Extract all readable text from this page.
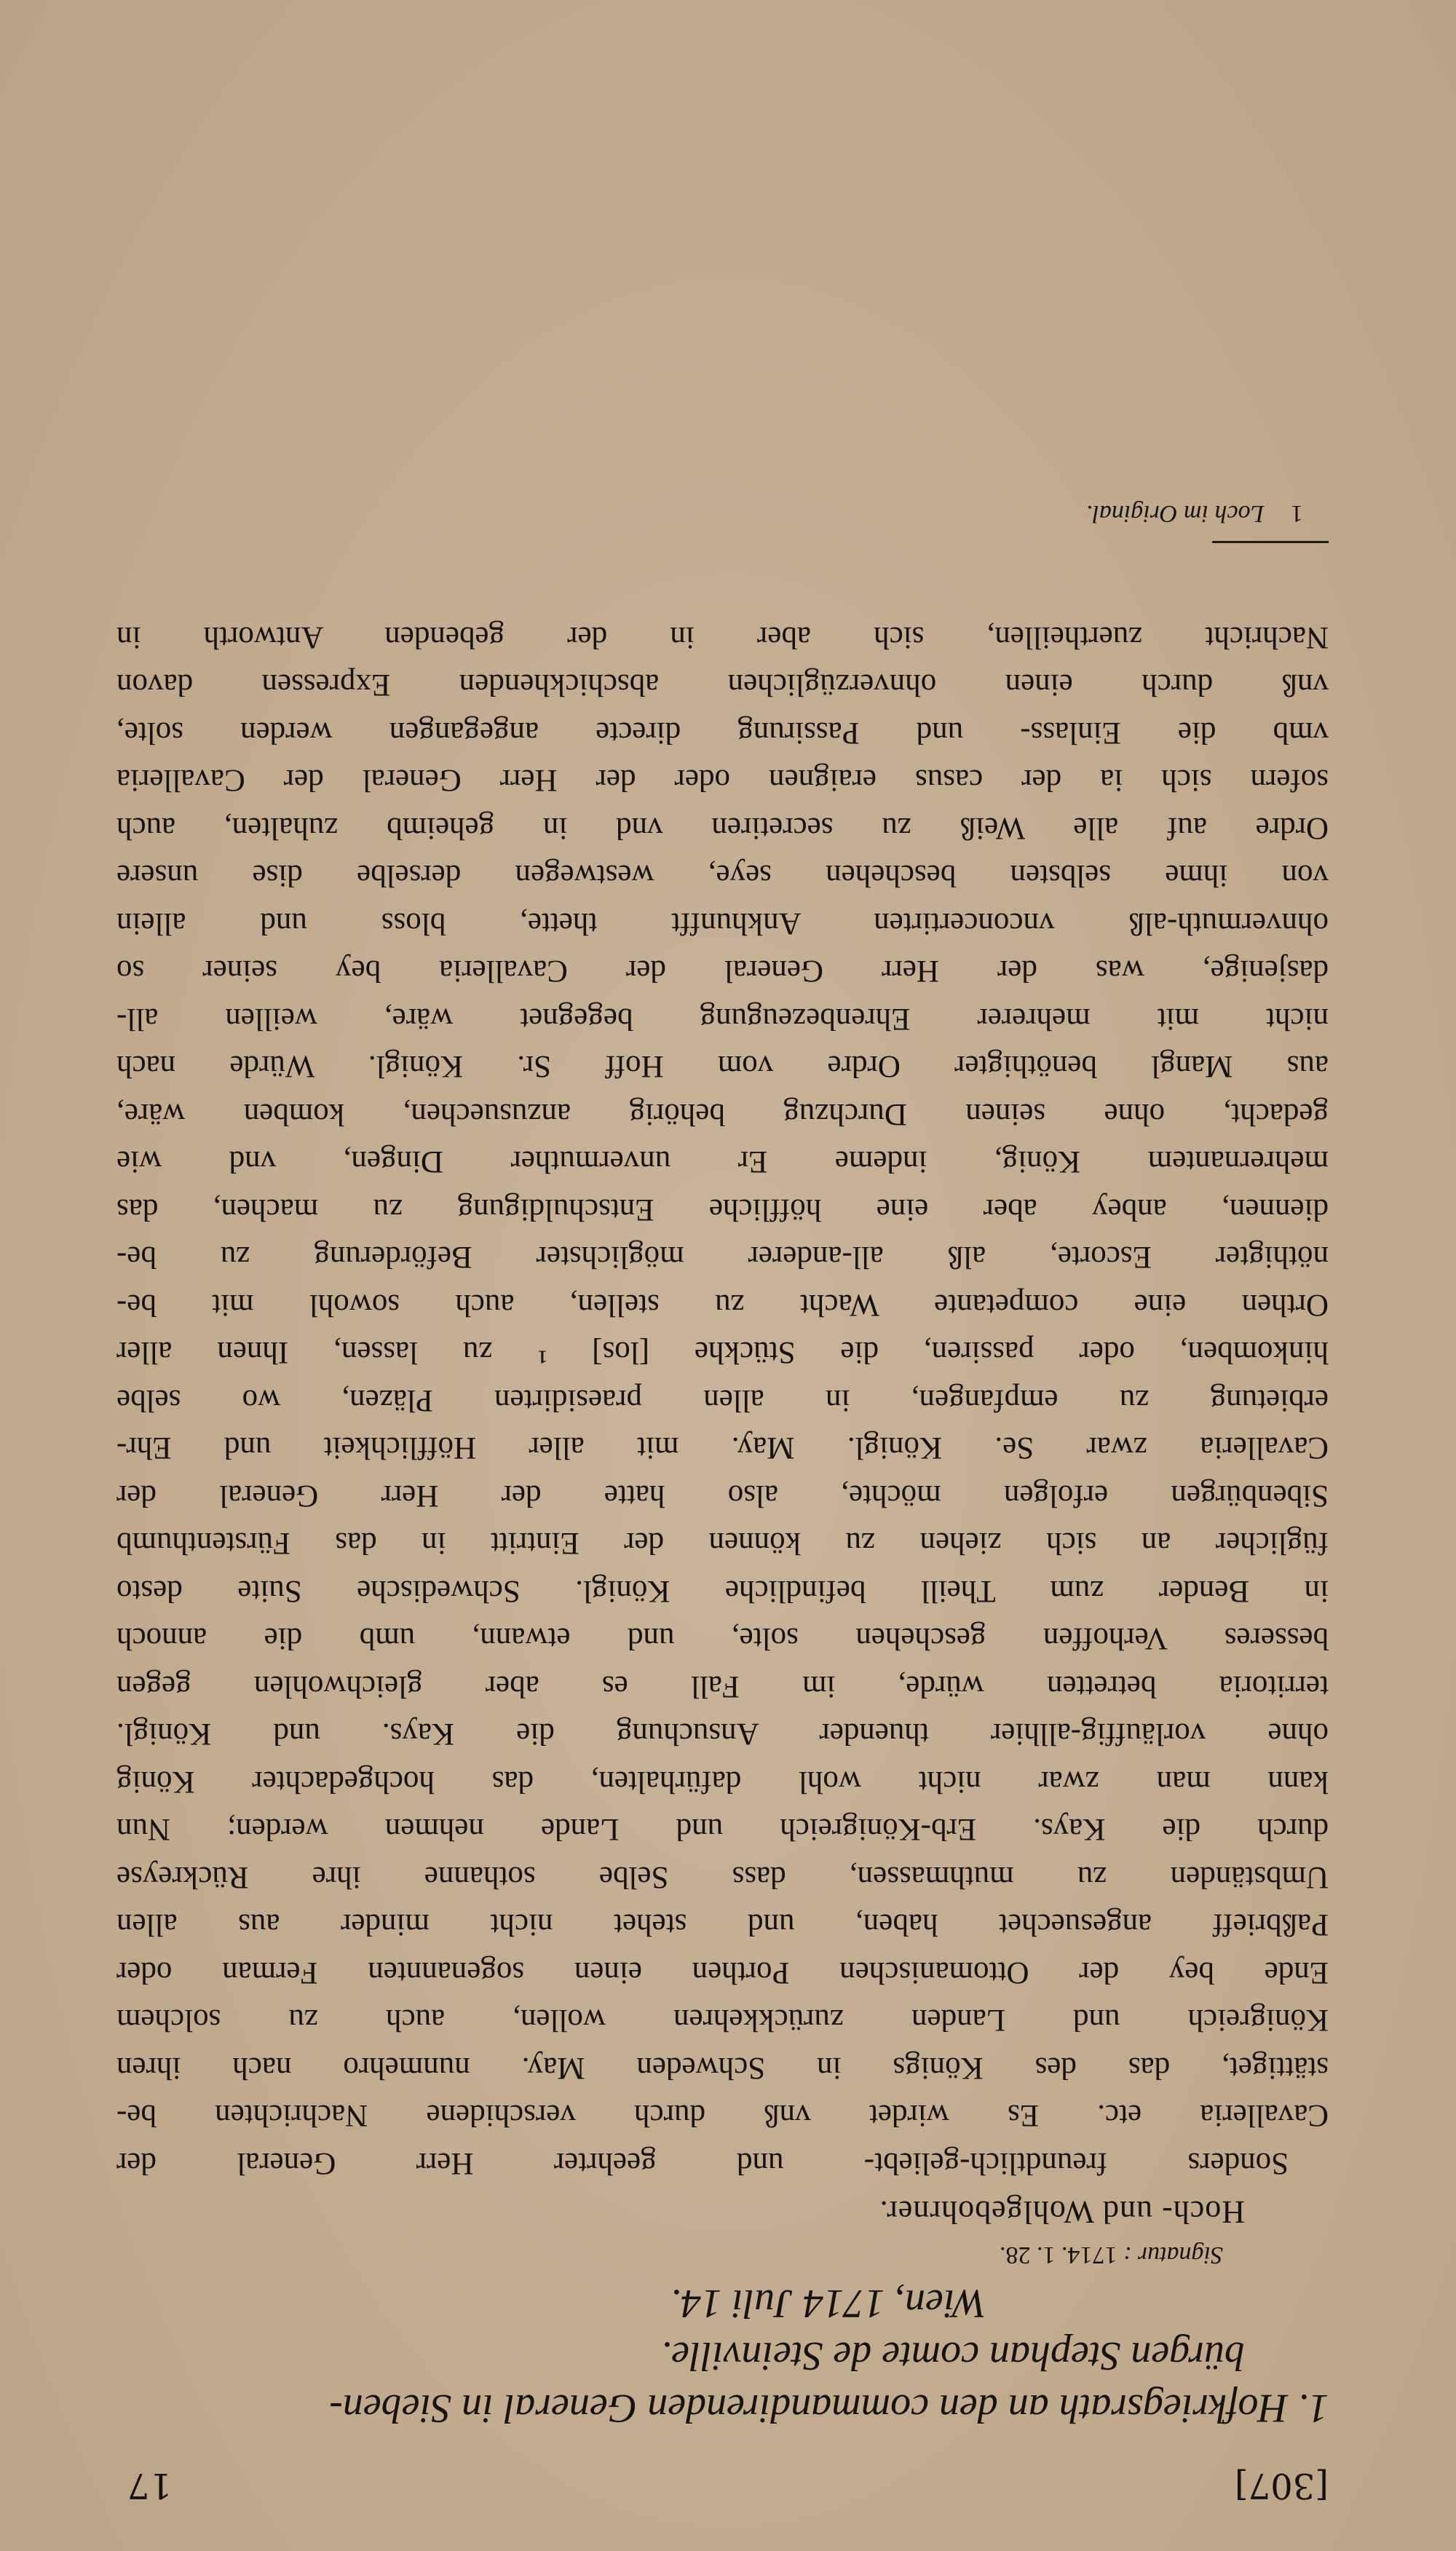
[307]
17
1. Hofkriegsrath an den commandirenden General in Sieben-
bürgen Stephan comte de Steinville.
Wien, 1714 Juli 14.
Signatur : 1714. 1. 28.
Hoch- und Wohlgebohrner.
Sonders freundtlich-geliebt- und geehrter Herr General der
Cavalleria etc. Es wirdet vnß durch verschidene Nachrichten be-
stättiget, das des Königs in Schweden May. nunmehro nach ihren
Königreich und Landen zurückkehren wollen, auch zu solchem
Ende bey der Ottomanischen Porthen einen sogenannten Ferman oder
Paßbrieff angesuechet haben, und stehet nicht minder aus allen
Umbständen zu muthmassen, dass Selbe sothanne ihre Rückreyse
durch die Kays. Erb-Königreich und Lande nehmen werden; Nun
kann man zwar nicht wohl dafürhalten, das hochgedachter König
ohne vorläuffig-allhier thuender Ansuchung die Kays. und Königl.
territoria betretten würde, im Fall es aber gleichwohlen gegen
besseres Verhoffen geschehen solte, und etwann, umb die annoch
in Bender zum Theill befindliche Königl. Schwedische Suite desto
füglicher an sich ziehen zu können der Eintritt in das Fürstenthumb
Sibenbürgen erfolgen möchte, also hatte der Herr General der
Cavalleria zwar Se. Königl. May. mit aller Höfflichkeit und Ehr-
erbietung zu empfangen, in allen praesidirten Pläzen, wo selbe
hinkomben, oder passiren, die Stückhe [los] ¹ zu lassen, Ihnen aller
Orthen eine competante Wacht zu stellen, auch sowohl mit be-
nöthigter Escorte, alß all-anderer möglichster Beförderung zu be-
diennen, anbey aber eine höffliche Entschuldigung zu machen, das
mehrernantem König, indeme Er unvermuther Dingen, vnd wie
gedacht, ohne seinen Durchzug behörig anzusuechen, komben wäre,
aus Mangl benöthigter Ordre vom Hoff Sr. Königl. Würde nach
nicht mit mehrerer Ehrenbezeugung begegnet wäre, weillen all-
dasjenige, was der Herr General der Cavalleria bey seiner so
ohnvermuth-alß vnconcertirten Ankhunfft thette, bloss und allein
von ihme selbsten beschehen seye, westwegen derselbe dise unsere
Ordre auf alle Weiß zu secretiren vnd in geheimb zuhalten, auch
sofern sich ia der casus eraignen oder der Herr General der Cavalleria
vmb die Einlass- und Passirung directe angegangen werden solte,
vnß durch einen ohnverzüglichen abschickhenden Expressen davon
Nachricht zuertheillen, sich aber in der gebenden Antworth in
1 Loch im Original.
